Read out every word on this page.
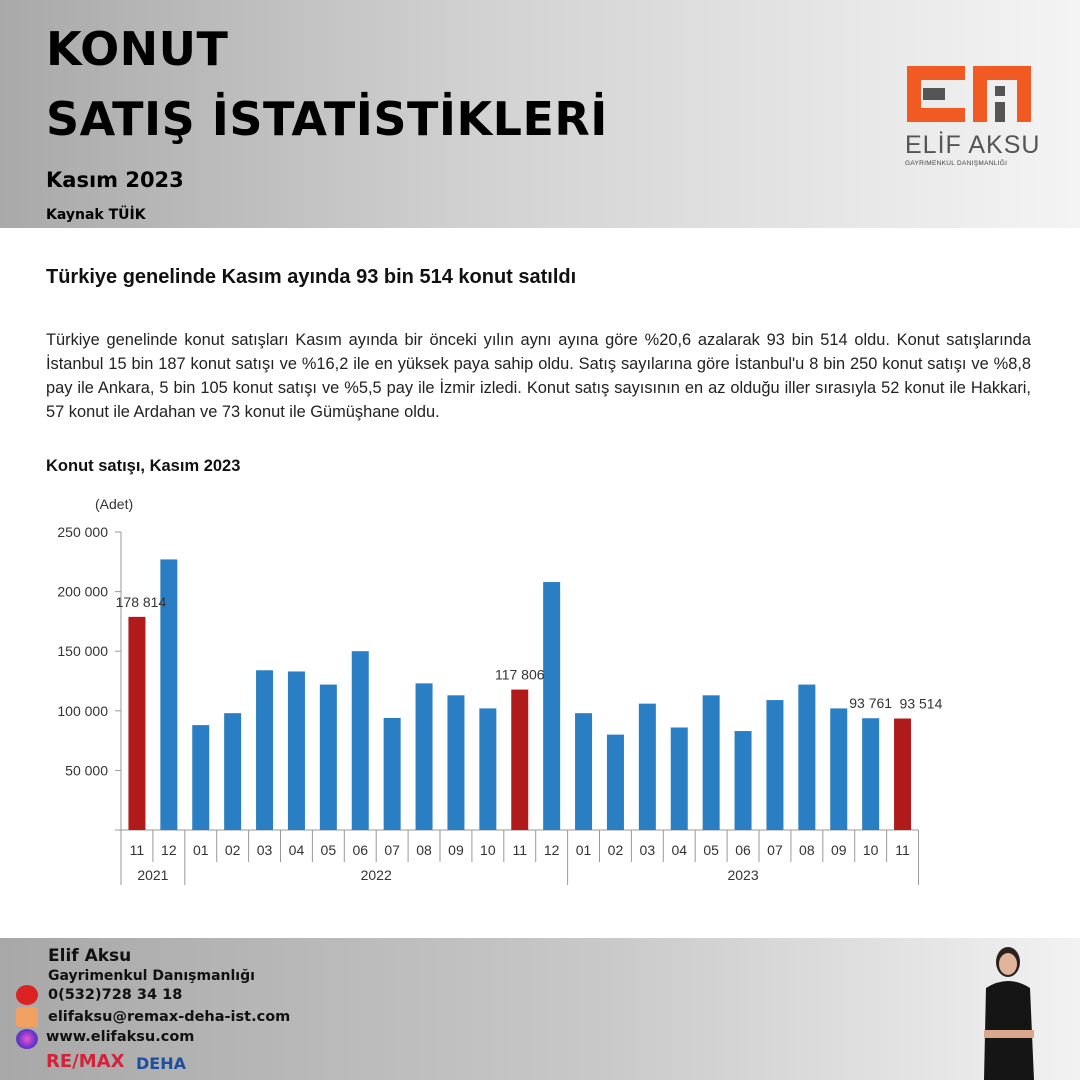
KONUT
SATIŞ İSTATİSTİKLERİ
Kasım 2023
Kaynak TÜİK
ELİF AKSU
GAYRIMENKUL DANIŞMANLIĞI
Türkiye genelinde Kasım ayında 93 bin 514 konut satıldı
Türkiye genelinde konut satışları Kasım ayında bir önceki yılın aynı ayına göre %20,6 azalarak 93 bin 514 oldu. Konut satışlarında İstanbul 15 bin 187 konut satışı ve %16,2 ile en yüksek paya sahip oldu. Satış sayılarına göre İstanbul'u 8 bin 250 konut satışı ve %8,8 pay ile Ankara, 5 bin 105 konut satışı ve %5,5 pay ile İzmir izledi. Konut satış sayısının en az olduğu iller sırasıyla 52 konut ile Hakkari, 57 konut ile Ardahan ve 73 konut ile Gümüşhane oldu.
Konut satışı, Kasım 2023
(Adet)
250 000
200 000
150 000
100 000
50 000
11 12 01 02 03 04 05 06 07 08 09 10 11 12 01 02 03 04 05 06 07 08 09 10 11
2021	2022	2023
178 814
117 806
93 761 93 514
Elif Aksu
Gayrimenkul Danışmanlığı
0(532)728 34 18
elifaksu@remax-deha-ist.com
www.elifaksu.com
RE/MAX DEHA
